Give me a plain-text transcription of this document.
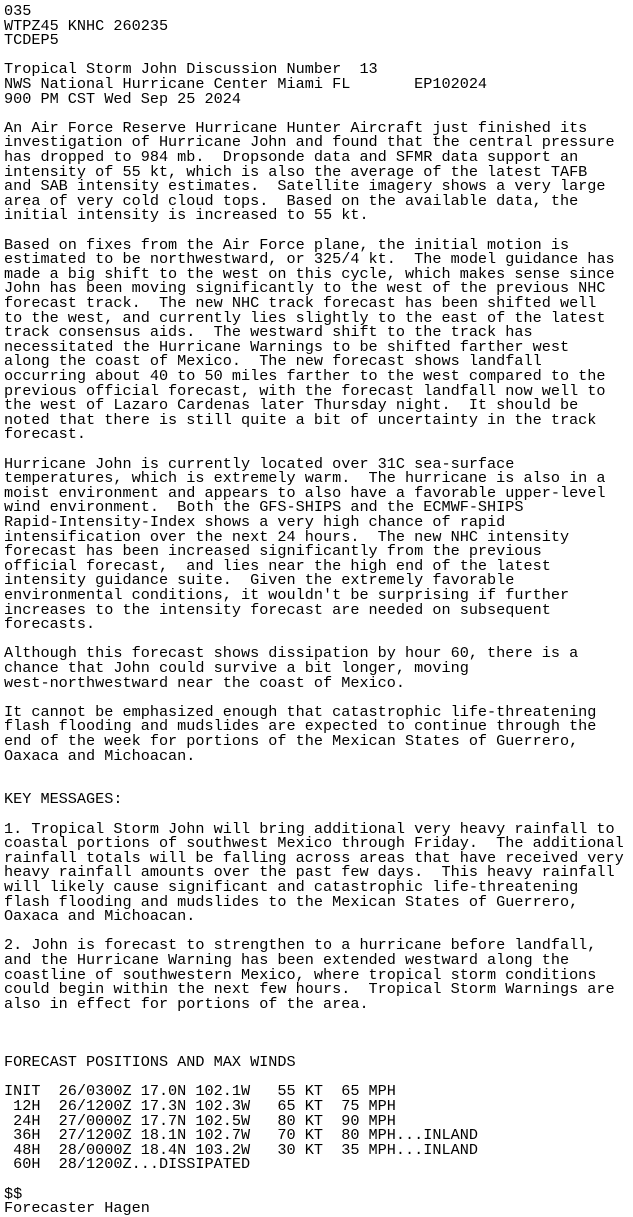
035
WTPZ45 KNHC 260235
TCDEP5
Tropical Storm John Discussion Number  13
NWS National Hurricane Center Miami FL       EP102024
900 PM CST Wed Sep 25 2024
An Air Force Reserve Hurricane Hunter Aircraft just finished its
investigation of Hurricane John and found that the central pressure
has dropped to 984 mb.  Dropsonde data and SFMR data support an
intensity of 55 kt, which is also the average of the latest TAFB
and SAB intensity estimates.  Satellite imagery shows a very large
area of very cold cloud tops.  Based on the available data, the
initial intensity is increased to 55 kt.
Based on fixes from the Air Force plane, the initial motion is
estimated to be northwestward, or 325/4 kt.  The model guidance has
made a big shift to the west on this cycle, which makes sense since
John has been moving significantly to the west of the previous NHC
forecast track.  The new NHC track forecast has been shifted well
to the west, and currently lies slightly to the east of the latest
track consensus aids.  The westward shift to the track has
necessitated the Hurricane Warnings to be shifted farther west
along the coast of Mexico.  The new forecast shows landfall
occurring about 40 to 50 miles farther to the west compared to the
previous official forecast, with the forecast landfall now well to
the west of Lazaro Cardenas later Thursday night.  It should be
noted that there is still quite a bit of uncertainty in the track
forecast.
Hurricane John is currently located over 31C sea-surface
temperatures, which is extremely warm.  The hurricane is also in a
moist environment and appears to also have a favorable upper-level
wind environment.  Both the GFS-SHIPS and the ECMWF-SHIPS
Rapid-Intensity-Index shows a very high chance of rapid
intensification over the next 24 hours.  The new NHC intensity
forecast has been increased significantly from the previous
official forecast,  and lies near the high end of the latest
intensity guidance suite.  Given the extremely favorable
environmental conditions, it wouldn't be surprising if further
increases to the intensity forecast are needed on subsequent
forecasts.
Although this forecast shows dissipation by hour 60, there is a
chance that John could survive a bit longer, moving
west-northwestward near the coast of Mexico.
It cannot be emphasized enough that catastrophic life-threatening
flash flooding and mudslides are expected to continue through the
end of the week for portions of the Mexican States of Guerrero,
Oaxaca and Michoacan.
KEY MESSAGES:
1. Tropical Storm John will bring additional very heavy rainfall to
coastal portions of southwest Mexico through Friday.  The additional
rainfall totals will be falling across areas that have received very
heavy rainfall amounts over the past few days.  This heavy rainfall
will likely cause significant and catastrophic life-threatening
flash flooding and mudslides to the Mexican States of Guerrero,
Oaxaca and Michoacan.
2. John is forecast to strengthen to a hurricane before landfall,
and the Hurricane Warning has been extended westward along the
coastline of southwestern Mexico, where tropical storm conditions
could begin within the next few hours.  Tropical Storm Warnings are
also in effect for portions of the area.
FORECAST POSITIONS AND MAX WINDS
INIT  26/0300Z 17.0N 102.1W   55 KT  65 MPH
12H  26/1200Z 17.3N 102.3W   65 KT  75 MPH
24H  27/0000Z 17.7N 102.5W   80 KT  90 MPH
36H  27/1200Z 18.1N 102.7W   70 KT  80 MPH...INLAND
48H  28/0000Z 18.4N 103.2W   30 KT  35 MPH...INLAND
60H  28/1200Z...DISSIPATED
$$
Forecaster Hagen
